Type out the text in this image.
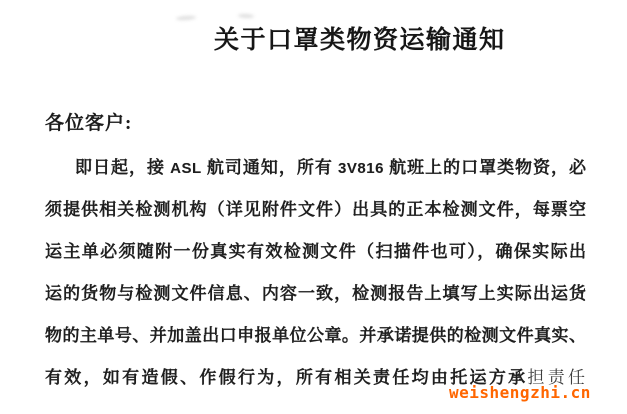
关于口罩类物资运输通知
各位客户:
即日起，接 ASL 航司通知，所有 3V816 航班上的口罩类物资，必
须提供相关检测机构（详见附件文件）出具的正本检测文件，每票空
运主单必须随附一份真实有效检测文件（扫描件也可），确保实际出
运的货物与检测文件信息、内容一致，检测报告上填写上实际出运货
物的主单号、并加盖出口申报单位公章。并承诺提供的检测文件真实、
有效，如有造假、作假行为，所有相关责任均由托运方承担责任
weishengzhi.cn
